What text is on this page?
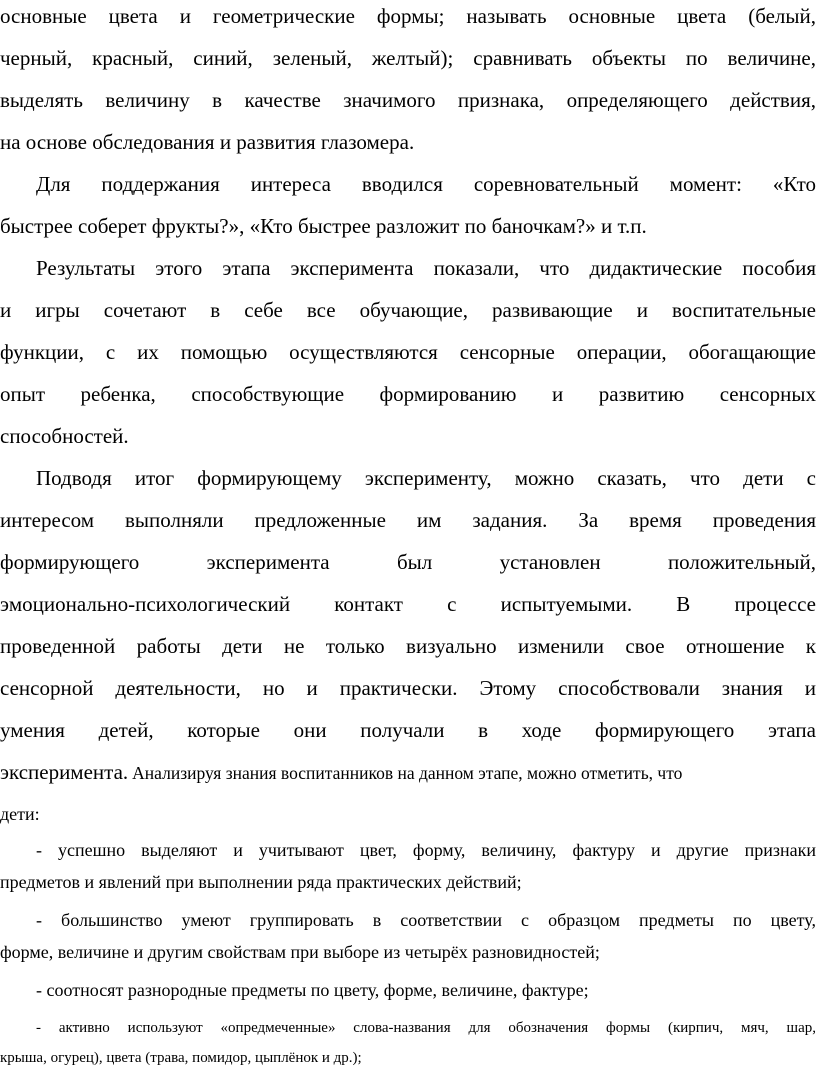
основные цвета и геометрические формы; называть основные цвета (белый,
черный, красный, синий, зеленый, желтый); сравнивать объекты по величине,
выделять величину в качестве значимого признака, определяющего действия,
на основе обследования и развития глазомера.
Для поддержания интереса вводился соревновательный момент: «Кто
быстрее соберет фрукты?», «Кто быстрее разложит по баночкам?» и т.п.
Результаты этого этапа эксперимента показали, что дидактические пособия
и игры сочетают в себе все обучающие, развивающие и воспитательные
функции, с их помощью осуществляются сенсорные операции, обогащающие
опыт ребенка, способствующие формированию и развитию сенсорных
способностей.
Подводя итог формирующему эксперименту, можно сказать, что дети с
интересом выполняли предложенные им задания. За время проведения
формирующего эксперимента был установлен положительный,
эмоционально-психологический контакт с испытуемыми. В процессе
проведенной работы дети не только визуально изменили свое отношение к
сенсорной деятельности, но и практически. Этому способствовали знания и
умения детей, которые они получали в ходе формирующего этапа
эксперимента. Анализируя знания воспитанников на данном этапе, можно отметить, что
дети:
- успешно выделяют и учитывают цвет, форму, величину, фактуру и другие признаки
предметов и явлений при выполнении ряда практических действий;
- большинство умеют группировать в соответствии с образцом предметы по цвету,
форме, величине и другим свойствам при выборе из четырёх разновидностей;
- соотносят разнородные предметы по цвету, форме, величине, фактуре;
- активно используют «опредмеченные» слова-названия для обозначения формы (кирпич, мяч, шар,
крыша, огурец), цвета (трава, помидор, цыплёнок и др.);
